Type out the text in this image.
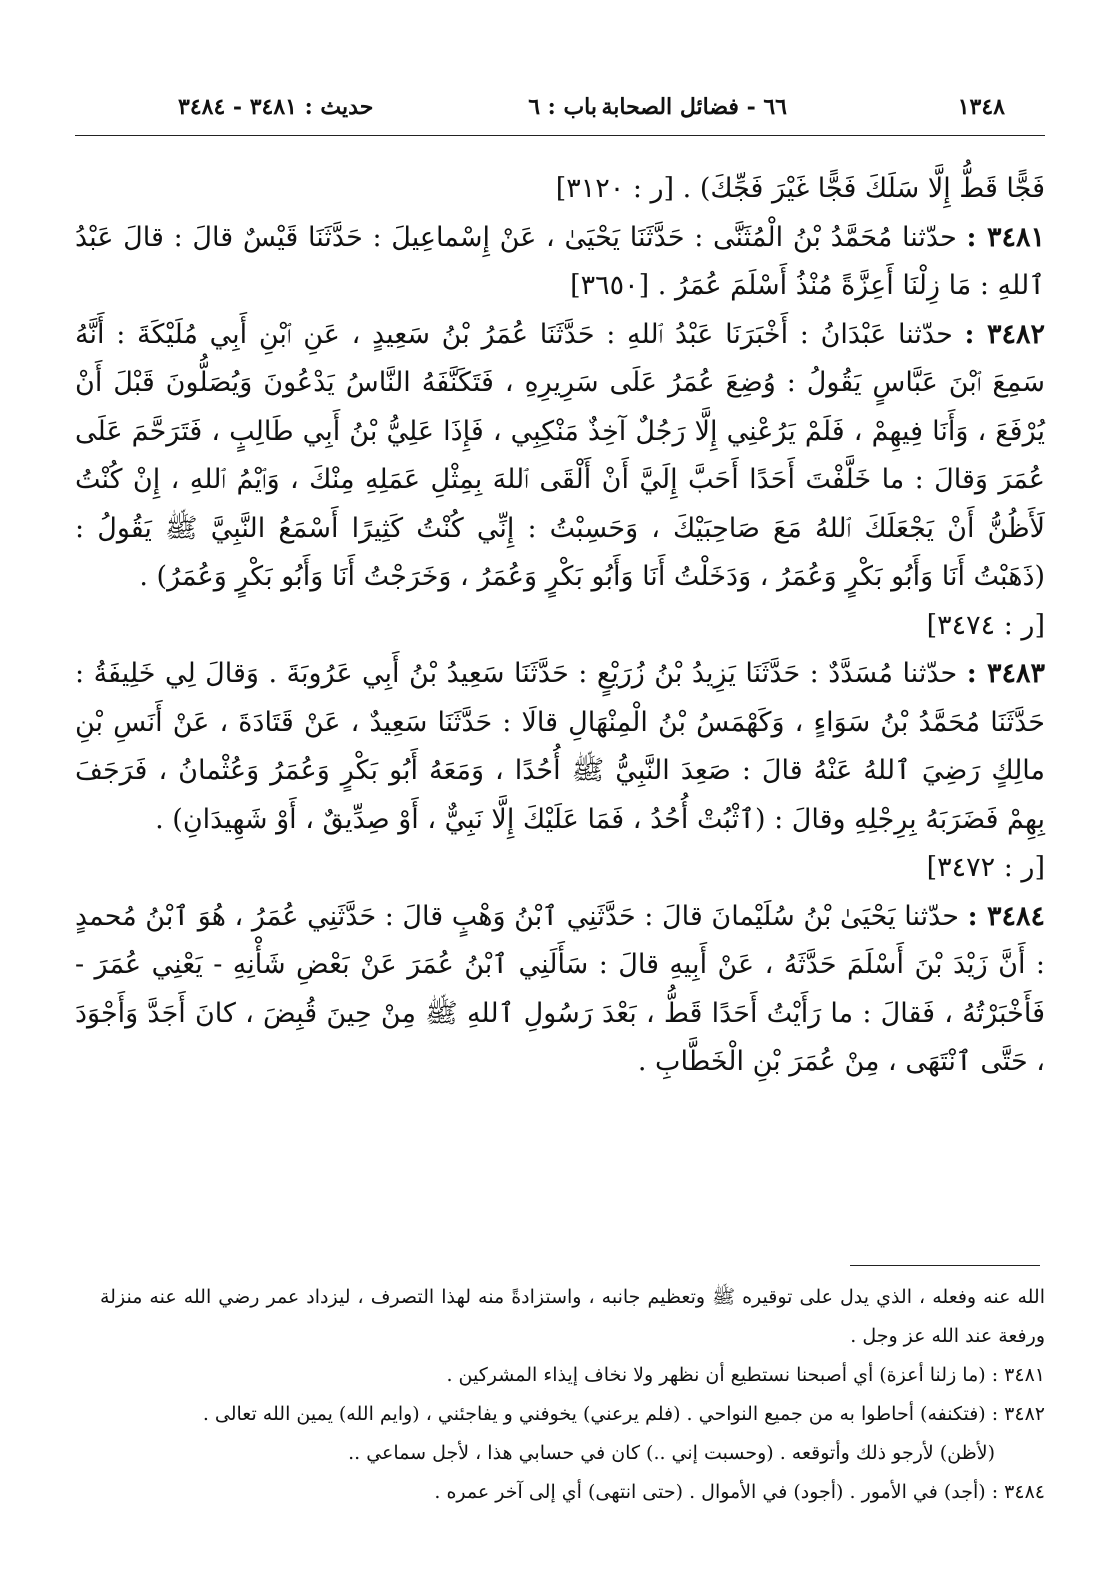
١٣٤٨
٦٦ - فضائل الصحابة
باب : ٦
حديث : ٣٤٨١ - ٣٤٨٤

فَجًّا قَطُّ إِلَّا سَلَكَ فَجًّا غَيْرَ فَجِّكَ) . [ر : ٣١٢٠]

٣٤٨١ : حدّثنا مُحَمَّدُ بْنُ الْمُثَنَّى : حَدَّثَنَا يَحْيَىٰ ، عَنْ إِسْماعِيلَ : حَدَّثَنَا قَيْسٌ قالَ : قالَ عَبْدُ ٱللهِ : مَا زِلْنَا أَعِزَّةً مُنْذُ أَسْلَمَ عُمَرُ . [٣٦٥٠]

٣٤٨٢ : حدّثنا عَبْدَانُ : أَخْبَرَنَا عَبْدُ ٱللهِ : حَدَّثَنَا عُمَرُ بْنُ سَعِيدٍ ، عَنِ ٱبْنِ أَبِي مُلَيْكَةَ : أَنَّهُ سَمِعَ ٱبْنَ عَبَّاسٍ يَقُولُ : وُضِعَ عُمَرُ عَلَى سَرِيرِهِ ، فَتَكَنَّفَهُ النَّاسُ يَدْعُونَ وَيُصَلُّونَ قَبْلَ أَنْ يُرْفَعَ ، وَأَنَا فِيهِمْ ، فَلَمْ يَرُعْنِي إِلَّا رَجُلٌ آخِذٌ مَنْكِبِي ، فَإِذَا عَلِيُّ بْنُ أَبِي طَالِبٍ ، فَتَرَحَّمَ عَلَى عُمَرَ وَقالَ : ما خَلَّفْتَ أَحَدًا أَحَبَّ إِلَيَّ أَنْ أَلْقَى ٱللهَ بِمِثْلِ عَمَلِهِ مِنْكَ ، وَٱيْمُ ٱللهِ ، إِنْ كُنْتُ لَأَظُنُّ أَنْ يَجْعَلَكَ ٱللهُ مَعَ صَاحِبَيْكَ ، وَحَسِبْتُ : إِنِّي كُنْتُ كَثِيرًا أَسْمَعُ النَّبِيَّ ﷺ يَقُولُ : (ذَهَبْتُ أَنَا وَأَبُو بَكْرٍ وَعُمَرُ ، وَدَخَلْتُ أَنَا وَأَبُو بَكْرٍ وَعُمَرُ ، وَخَرَجْتُ أَنَا وَأَبُو بَكْرٍ وَعُمَرُ) .
[ر : ٣٤٧٤]

٣٤٨٣ : حدّثنا مُسَدَّدٌ : حَدَّثَنَا يَزِيدُ بْنُ زُرَيْعٍ : حَدَّثَنَا سَعِيدُ بْنُ أَبِي عَرُوبَةَ . وَقالَ لِي خَلِيفَةُ : حَدَّثَنَا مُحَمَّدُ بْنُ سَوَاءٍ ، وَكَهْمَسُ بْنُ الْمِنْهَالِ قالَا : حَدَّثَنَا سَعِيدٌ ، عَنْ قَتَادَةَ ، عَنْ أَنَسِ بْنِ مالِكٍ رَضِيَ ٱللهُ عَنْهُ قالَ : صَعِدَ النَّبِيُّ ﷺ أُحُدًا ، وَمَعَهُ أَبُو بَكْرٍ وَعُمَرُ وَعُثْمانُ ، فَرَجَفَ بِهِمْ فَضَرَبَهُ بِرِجْلِهِ وقالَ : (ٱثْبُتْ أُحُدُ ، فَمَا عَلَيْكَ إِلَّا نَبِيٌّ ، أَوْ صِدِّيقٌ ، أَوْ شَهِيدَانِ) .
[ر : ٣٤٧٢]

٣٤٨٤ : حدّثنا يَحْيَىٰ بْنُ سُلَيْمانَ قالَ : حَدَّثَنِي ٱبْنُ وَهْبٍ قالَ : حَدَّثَنِي عُمَرُ ، هُوَ ٱبْنُ مُحمدٍ : أَنَّ زَيْدَ بْنَ أَسْلَمَ حَدَّثَهُ ، عَنْ أَبِيهِ قالَ : سَأَلَنِي ٱبْنُ عُمَرَ عَنْ بَعْضِ شَأْنِهِ - يَعْنِي عُمَرَ - فَأَخْبَرْتُهُ ، فَقالَ : ما رَأَيْتُ أَحَدًا قَطُّ ، بَعْدَ رَسُولِ ٱللهِ ﷺ مِنْ حِينَ قُبِضَ ، كانَ أَجَدَّ وَأَجْوَدَ ، حَتَّى ٱنْتَهَى ، مِنْ عُمَرَ بْنِ الْخَطَّابِ .

الله عنه وفعله ، الذي يدل على توقيره ﷺ وتعظيم جانبه ، واستزادةً منه لهذا التصرف ، ليزداد عمر رضي الله عنه منزلة ورفعة عند الله عز وجل .

٣٤٨١ : (ما زلنا أعزة) أي أصبحنا نستطيع أن نظهر ولا نخاف إيذاء المشركين .

٣٤٨٢ : (فتكنفه) أحاطوا به من جميع النواحي . (فلم يرعني) يخوفني و يفاجئني ، (وايم الله) يمين الله تعالى .

(لأظن) لأرجو ذلك وأتوقعه . (وحسبت إني ..) كان في حسابي هذا ، لأجل سماعي ..

٣٤٨٤ : (أجد) في الأمور . (أجود) في الأموال . (حتى انتهى) أي إلى آخر عمره .
